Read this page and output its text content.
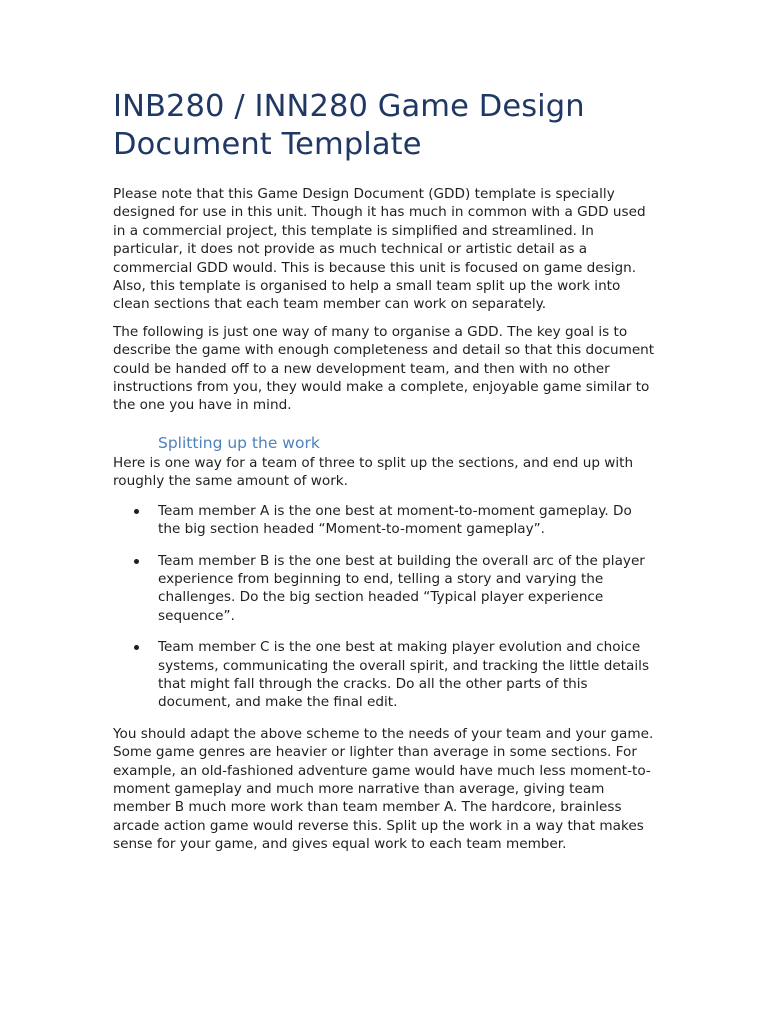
INB280 / INN280 Game Design Document Template

Please note that this Game Design Document (GDD) template is specially designed for use in this unit. Though it has much in common with a GDD used in a commercial project, this template is simplified and streamlined. In particular, it does not provide as much technical or artistic detail as a commercial GDD would. This is because this unit is focused on game design. Also, this template is organised to help a small team split up the work into clean sections that each team member can work on separately.

The following is just one way of many to organise a GDD. The key goal is to describe the game with enough completeness and detail so that this document could be handed off to a new development team, and then with no other instructions from you, they would make a complete, enjoyable game similar to the one you have in mind.

Splitting up the work

Here is one way for a team of three to split up the sections, and end up with roughly the same amount of work.

Team member A is the one best at moment-to-moment gameplay. Do the big section headed “Moment-to-moment gameplay”.
Team member B is the one best at building the overall arc of the player experience from beginning to end, telling a story and varying the challenges. Do the big section headed “Typical player experience sequence”.
Team member C is the one best at making player evolution and choice systems, communicating the overall spirit, and tracking the little details that might fall through the cracks. Do all the other parts of this document, and make the final edit.

You should adapt the above scheme to the needs of your team and your game. Some game genres are heavier or lighter than average in some sections. For example, an old-fashioned adventure game would have much less moment-to-moment gameplay and much more narrative than average, giving team member B much more work than team member A. The hardcore, brainless arcade action game would reverse this. Split up the work in a way that makes sense for your game, and gives equal work to each team member.
